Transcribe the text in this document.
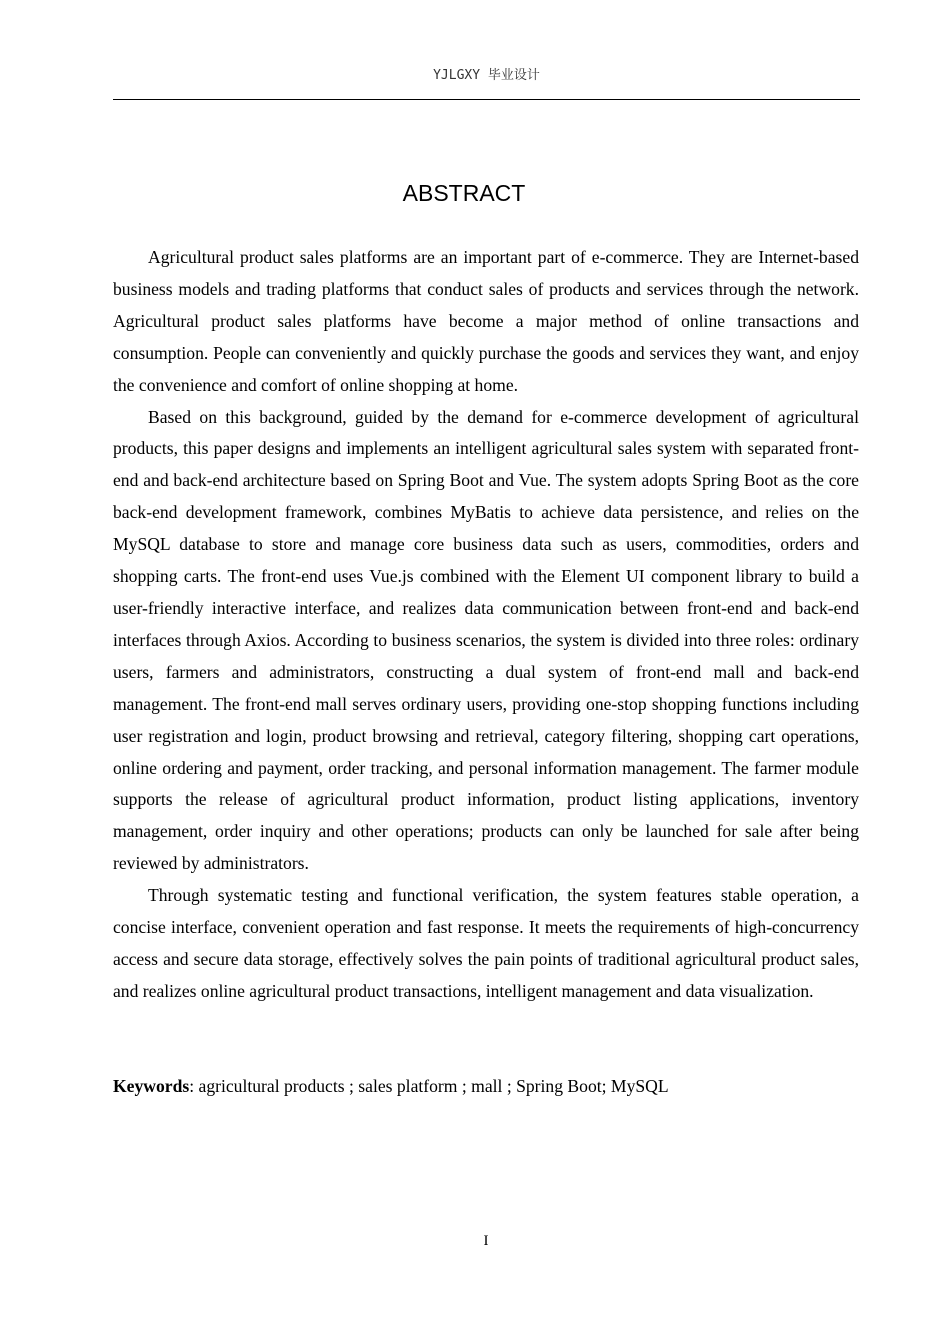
YJLGXY 毕业设计
ABSTRACT

Agricultural product sales platforms are an important part of e-commerce. They are Internet-based business models and trading platforms that conduct sales of products and services through the network. Agricultural product sales platforms have become a major method of online transactions and consumption. People can conveniently and quickly purchase the goods and services they want, and enjoy the convenience and comfort of online shopping at home.

Based on this background, guided by the demand for e-commerce development of agricultural products, this paper designs and implements an intelligent agricultural sales system with separated front-end and back-end architecture based on Spring Boot and Vue. The system adopts Spring Boot as the core back-end development framework, combines MyBatis to achieve data persistence, and relies on the MySQL database to store and manage core business data such as users, commodities, orders and shopping carts. The front-end uses Vue.js combined with the Element UI component library to build a user-friendly interactive interface, and realizes data communication between front-end and back-end interfaces through Axios. According to business scenarios, the system is divided into three roles: ordinary users, farmers and administrators, constructing a dual system of front-end mall and back-end management. The front-end mall serves ordinary users, providing one-stop shopping functions including user registration and login, product browsing and retrieval, category filtering, shopping cart operations, online ordering and payment, order tracking, and personal information management. The farmer module supports the release of agricultural product information, product listing applications, inventory management, order inquiry and other operations; products can only be launched for sale after being reviewed by administrators.

Through systematic testing and functional verification, the system features stable operation, a concise interface, convenient operation and fast response. It meets the requirements of high-concurrency access and secure data storage, effectively solves the pain points of traditional agricultural product sales, and realizes online agricultural product transactions, intelligent management and data visualization.

Keywords: agricultural products ; sales platform ; mall ; Spring Boot; MySQL

I
